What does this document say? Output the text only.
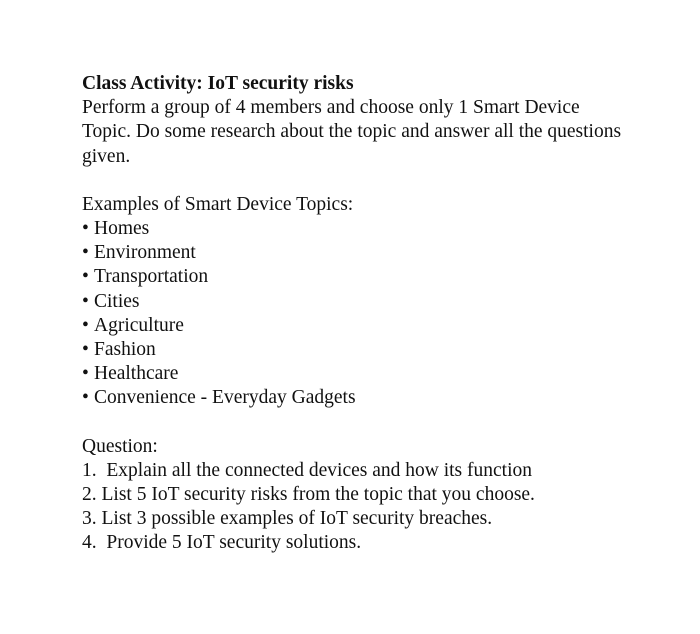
Class Activity: IoT security risks

Perform a group of 4 members and choose only 1 Smart Device Topic. Do some research about the topic and answer all the questions given.

Examples of Smart Device Topics:

• Homes
• Environment
• Transportation
• Cities
• Agriculture
• Fashion
• Healthcare
• Convenience - Everyday Gadgets

Question:

1.  Explain all the connected devices and how its function
2. List 5 IoT security risks from the topic that you choose.
3. List 3 possible examples of IoT security breaches.
4.  Provide 5 IoT security solutions.
